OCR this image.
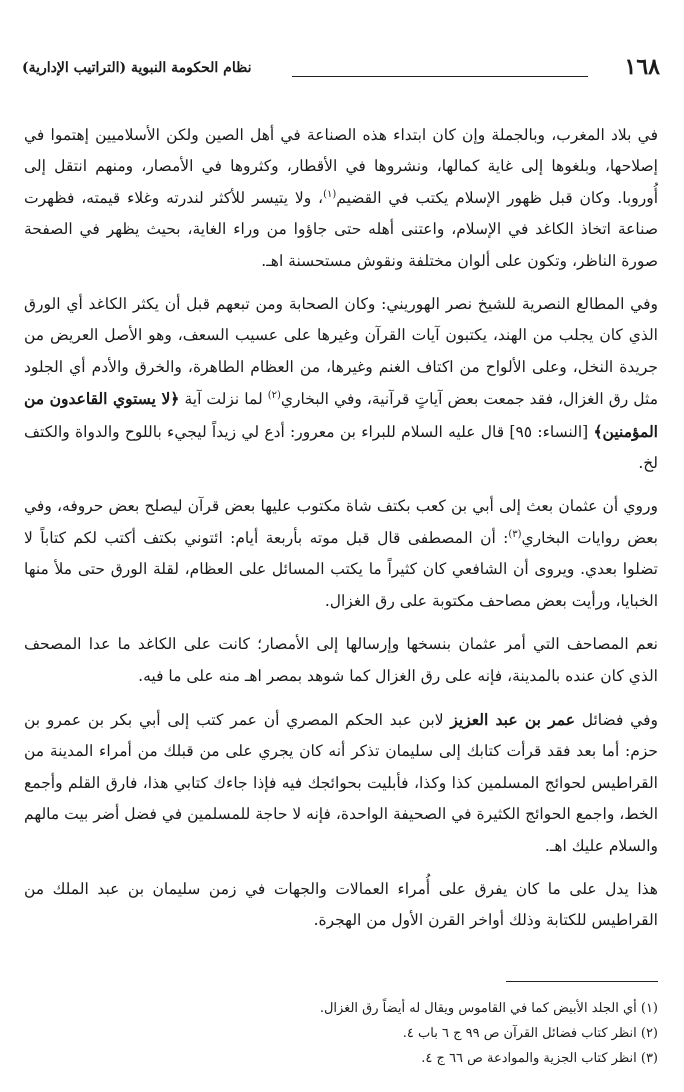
١٦٨
نظام الحكومة النبوية (التراتيب الإدارية)

في بلاد المغرب، وبالجملة وإن كان ابتداء هذه الصناعة في أهل الصين ولكن الأسلاميين إهتموا في إصلاحها، وبلغوها إلى غاية كمالها، ونشروها في الأقطار، وكثروها في الأمصار، ومنهم انتقل إلى أُوروبا. وكان قبل ظهور الإسلام يكتب في القضيم$^{(١)}$، ولا يتيسر للأكثر لندرته وغلاء قيمته، فظهرت صناعة اتخاذ الكاغد في الإسلام، واعتنى أهله حتى جاؤوا من وراء الغاية، بحيث يظهر في الصفحة صورة الناظر، وتكون على ألوان مختلفة ونقوش مستحسنة اهـ.

وفي المطالع النصرية للشيخ نصر الهوريني: وكان الصحابة ومن تبعهم قبل أن يكثر الكاغد أي الورق الذي كان يجلب من الهند، يكتبون آيات القرآن وغيرها على عسيب السعف، وهو الأصل العريض من جريدة النخل، وعلى الألواح من اكتاف الغنم وغيرها، من العظام الطاهرة، والخرق والأدم أي الجلود مثل رق الغزال، فقد جمعت بعض آياتٍ قرآنية، وفي البخاري$^{(٢)}$ لما نزلت آية ﴿لا يستوي القاعدون من المؤمنين﴾ [النساء: ٩٥] قال عليه السلام للبراء بن معرور: أدع لي زيداً ليجيء باللوح والدواة والكتف لخ.

وروي أن عثمان بعث إلى أبي بن كعب بكتف شاة مكتوب عليها بعض قرآن ليصلح بعض حروفه، وفي بعض روايات البخاري$^{(٣)}$: أن المصطفى قال قبل موته بأربعة أيام: ائتوني بكتف أكتب لكم كتاباً لا تضلوا بعدي. ويروى أن الشافعي كان كثيراً ما يكتب المسائل على العظام، لقلة الورق حتى ملأ منها الخبايا، ورأيت بعض مصاحف مكتوبة على رق الغزال.

نعم المصاحف التي أمر عثمان بنسخها وإرسالها إلى الأمصار؛ كانت على الكاغد ما عدا المصحف الذي كان عنده بالمدينة، فإنه على رق الغزال كما شوهد بمصر اهـ منه على ما فيه.

وفي فضائل عمر بن عبد العزيز لابن عبد الحكم المصري أن عمر كتب إلى أبي بكر بن عمرو بن حزم: أما بعد فقد قرأت كتابك إلى سليمان تذكر أنه كان يجري على من قبلك من أمراء المدينة من القراطيس لحوائج المسلمين كذا وكذا، فأبليت بحوائجك فيه فإذا جاءك كتابي هذا، فارق القلم وأجمع الخط، واجمع الحوائج الكثيرة في الصحيفة الواحدة، فإنه لا حاجة للمسلمين في فضل أضر بيت مالهم والسلام عليك اهـ.

هذا يدل على ما كان يفرق على أُمراء العمالات والجهات في زمن سليمان بن عبد الملك من القراطيس للكتابة وذلك أواخر القرن الأول من الهجرة.

(١) أي الجلد الأبيض كما في القاموس ويقال له أيضاً رق الغزال.
(٢) انظر كتاب فضائل القرآن ص ٩٩ ج ٦ باب ٤.
(٣) انظر كتاب الجزية والموادعة ص ٦٦ ج ٤.
